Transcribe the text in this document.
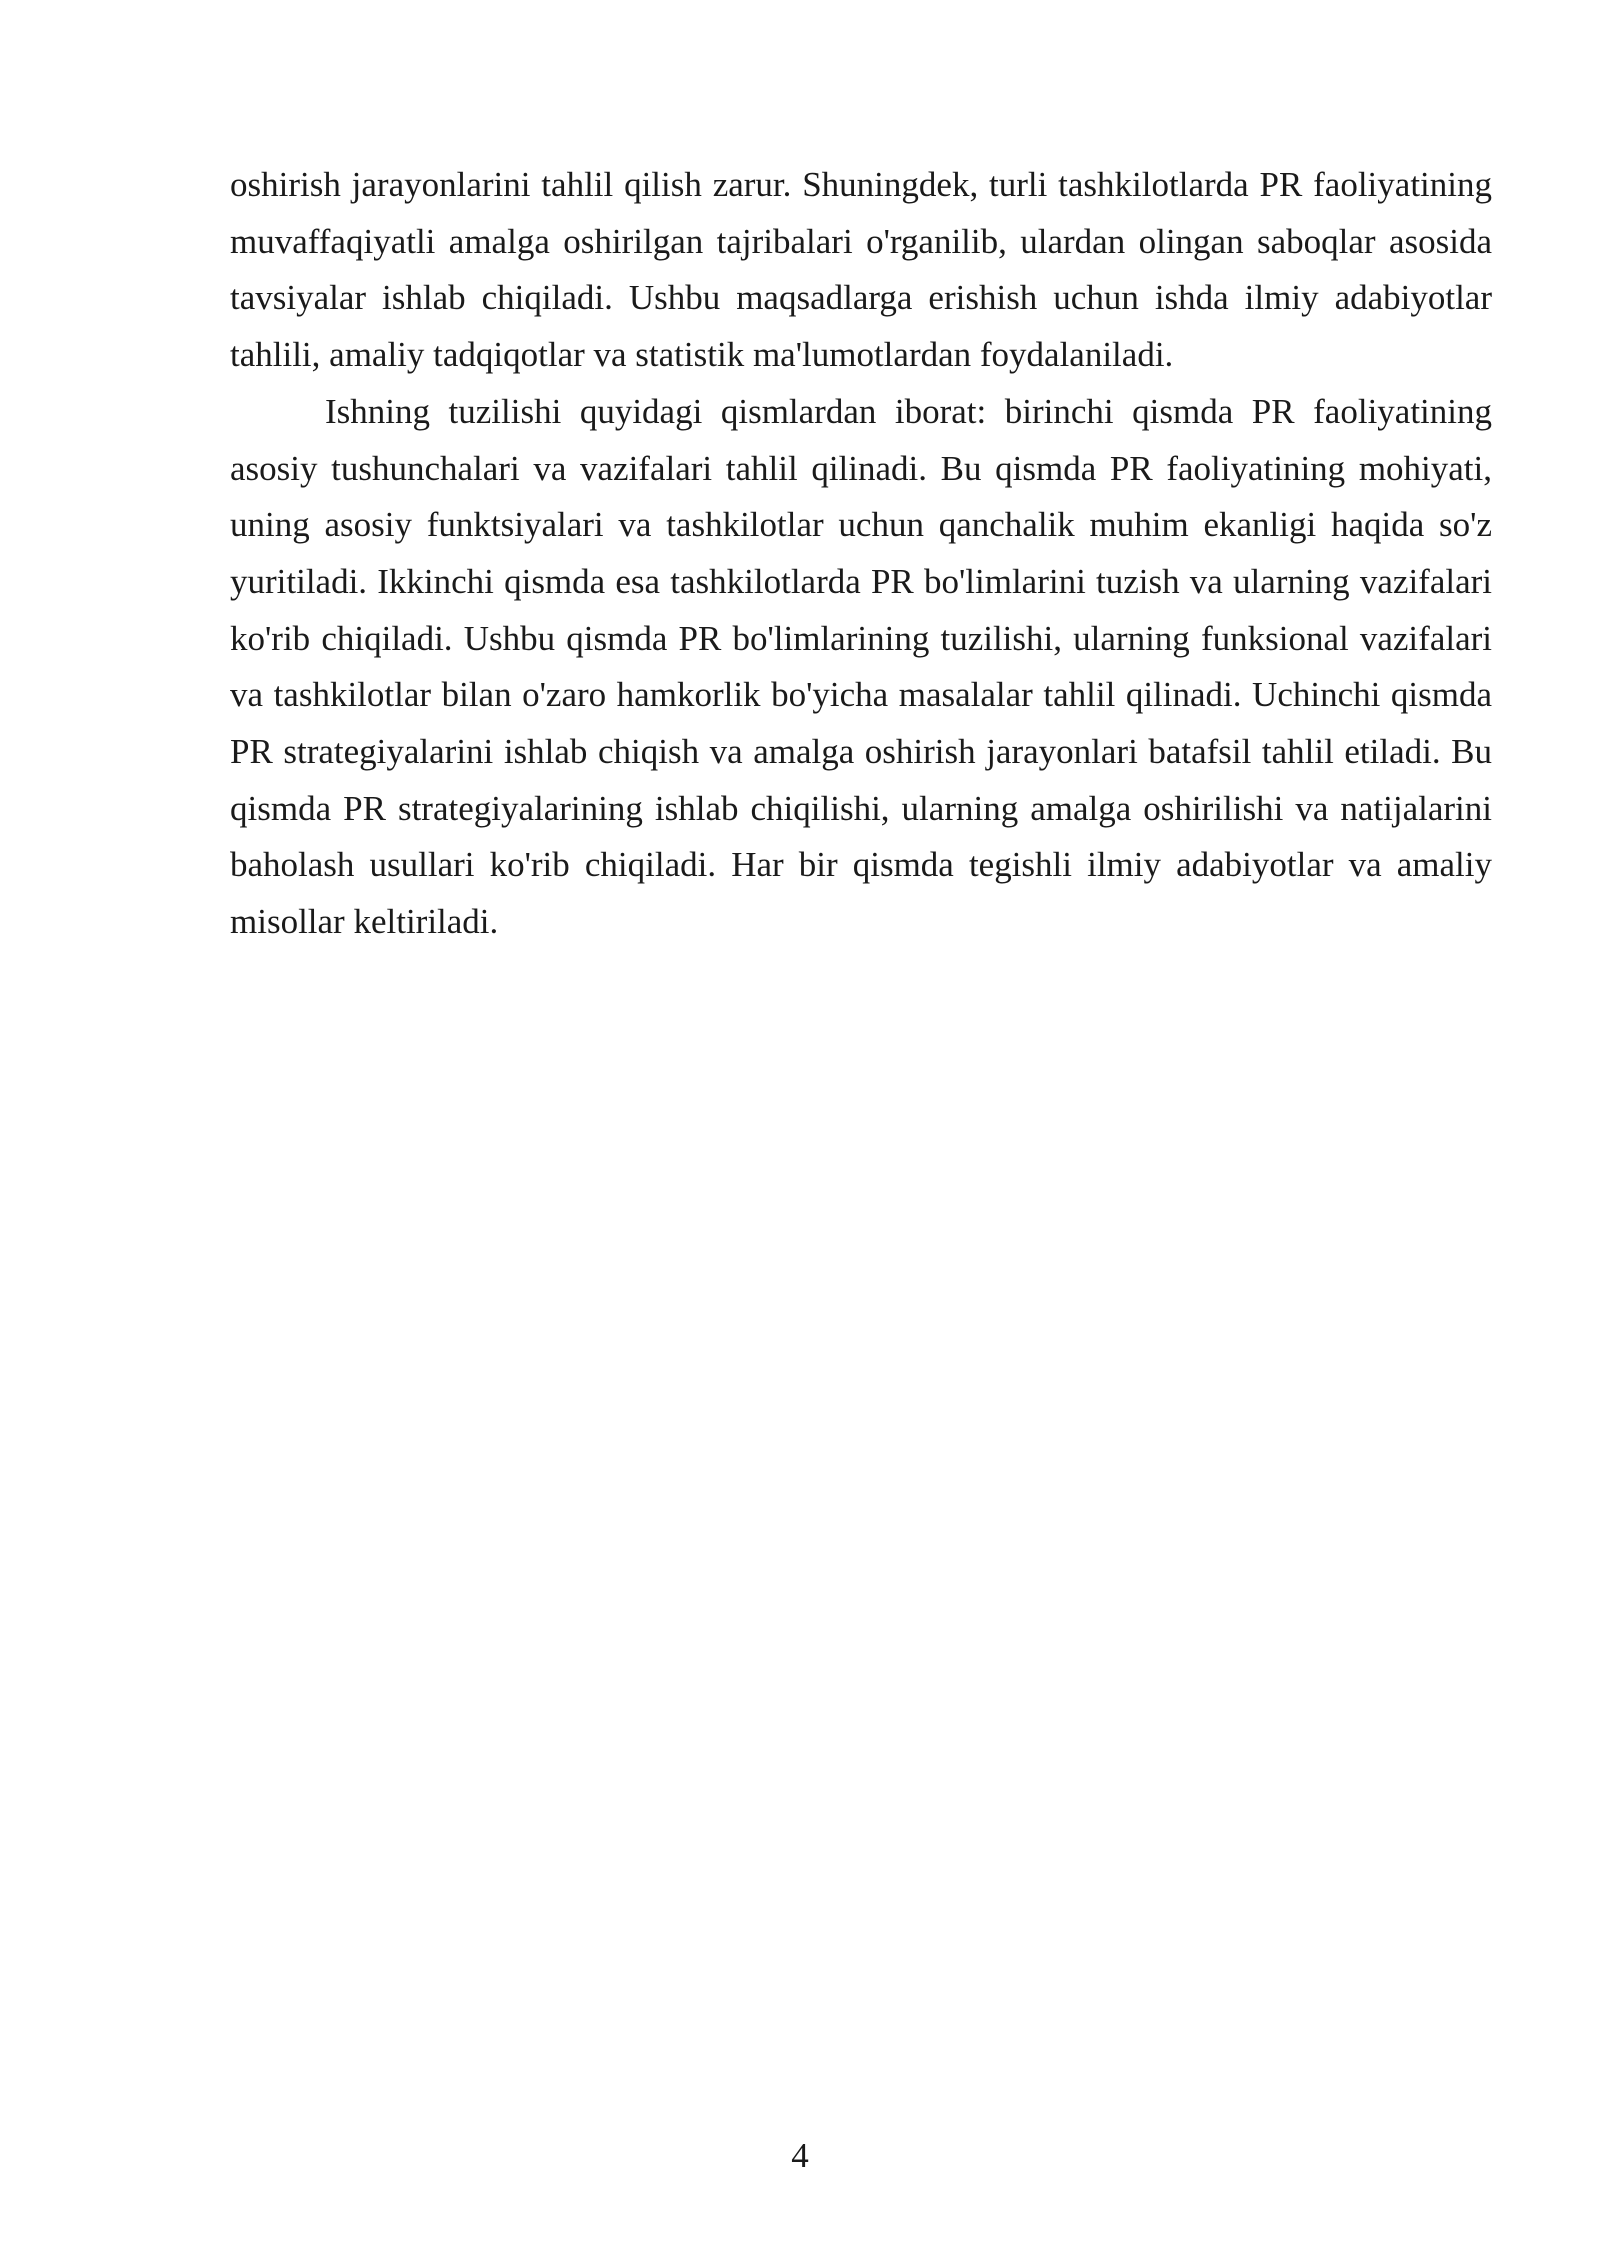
oshirish jarayonlarini tahlil qilish zarur. Shuningdek, turli tashkilotlarda PR faoliyatining muvaffaqiyatli amalga oshirilgan tajribalari o'rganilib, ulardan olingan saboqlar asosida tavsiyalar ishlab chiqiladi. Ushbu maqsadlarga erishish uchun ishda ilmiy adabiyotlar tahlili, amaliy tadqiqotlar va statistik ma'lumotlardan foydalaniladi.

Ishning tuzilishi quyidagi qismlardan iborat: birinchi qismda PR faoliyatining asosiy tushunchalari va vazifalari tahlil qilinadi. Bu qismda PR faoliyatining mohiyati, uning asosiy funktsiyalari va tashkilotlar uchun qanchalik muhim ekanligi haqida so'z yuritiladi. Ikkinchi qismda esa tashkilotlarda PR bo'limlarini tuzish va ularning vazifalari ko'rib chiqiladi. Ushbu qismda PR bo'limlarining tuzilishi, ularning funksional vazifalari va tashkilotlar bilan o'zaro hamkorlik bo'yicha masalalar tahlil qilinadi. Uchinchi qismda PR strategiyalarini ishlab chiqish va amalga oshirish jarayonlari batafsil tahlil etiladi. Bu qismda PR strategiyalarining ishlab chiqilishi, ularning amalga oshirilishi va natijalarini baholash usullari ko'rib chiqiladi. Har bir qismda tegishli ilmiy adabiyotlar va amaliy misollar keltiriladi.

4
